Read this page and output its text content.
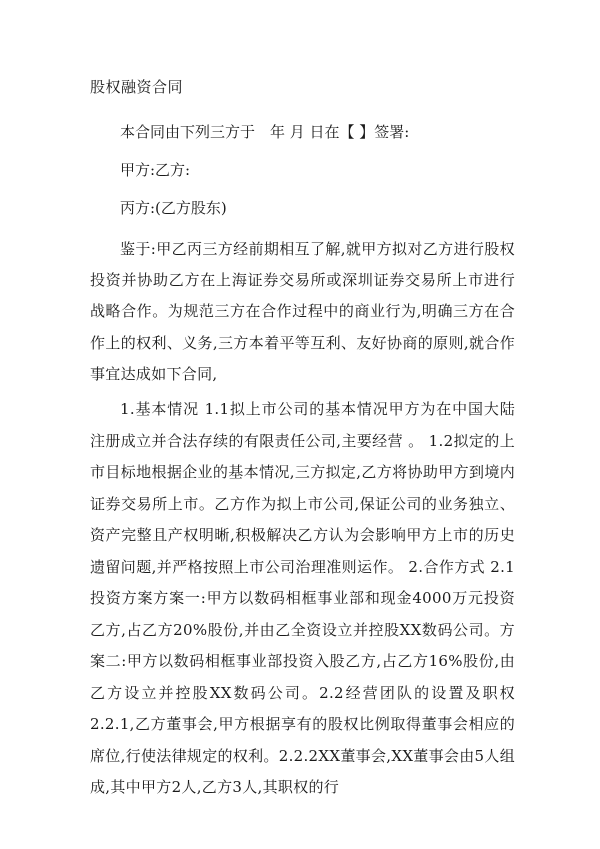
股权融资合同
本合同由下列三方于　年 月 日在【 】签署:
甲方:乙方:
丙方:(乙方股东)
鉴于:甲乙丙三方经前期相互了解,就甲方拟对乙方进行股权投资并协助乙方在上海证券交易所或深圳证券交易所上市进行战略合作。为规范三方在合作过程中的商业行为,明确三方在合作上的权利、义务,三方本着平等互利、友好协商的原则,就合作事宜达成如下合同,
1.基本情况 1.1拟上市公司的基本情况甲方为在中国大陆注册成立并合法存续的有限责任公司,主要经营 。 1.2拟定的上市目标地根据企业的基本情况,三方拟定,乙方将协助甲方到境内证券交易所上市。乙方作为拟上市公司,保证公司的业务独立、资产完整且产权明晰,积极解决乙方认为会影响甲方上市的历史遗留问题,并严格按照上市公司治理准则运作。 2.合作方式 2.1投资方案方案一:甲方以数码相框事业部和现金4000万元投资乙方,占乙方20%股份,并由乙全资设立并控股XX数码公司。方案二:甲方以数码相框事业部投资入股乙方,占乙方16%股份,由乙方设立并控股XX数码公司。2.2经营团队的设置及职权 2.2.1,乙方董事会,甲方根据享有的股权比例取得董事会相应的席位,行使法律规定的权利。2.2.2XX董事会,XX董事会由5人组成,其中甲方2人,乙方3人,其职权的行
